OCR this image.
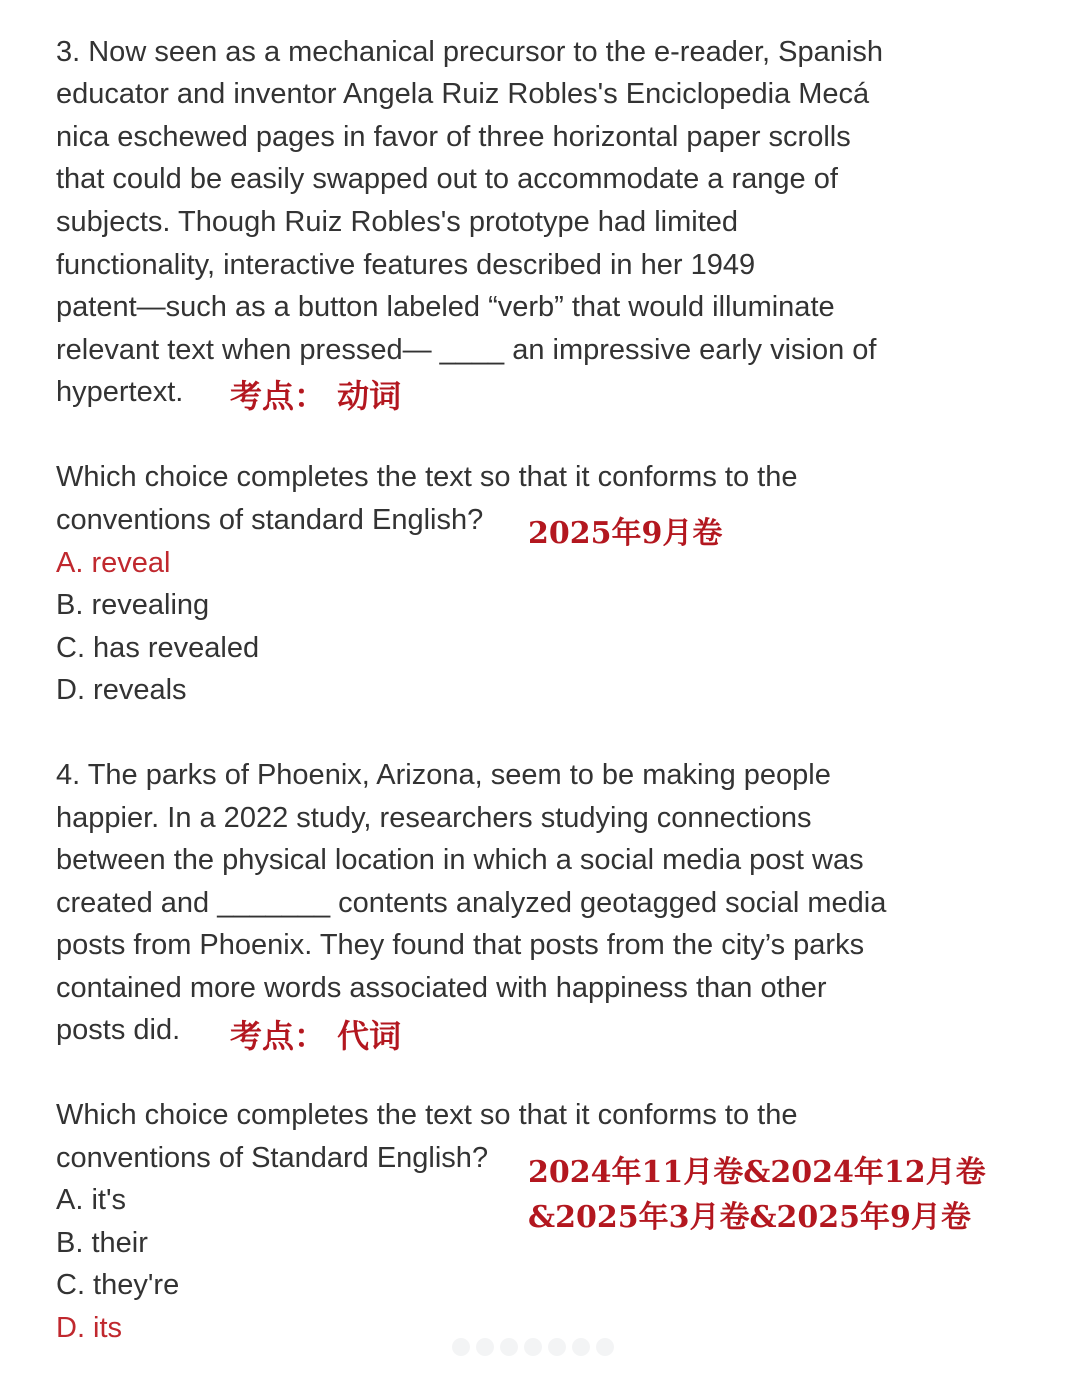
3. Now seen as a mechanical precursor to the e-reader, Spanish
educator and inventor Angela Ruiz Robles's Enciclopedia Mecá
nica eschewed pages in favor of three horizontal paper scrolls
that could be easily swapped out to accommodate a range of
subjects. Though Ruiz Robles's prototype had limited
functionality, interactive features described in her 1949
patent—such as a button labeled “verb” that would illuminate
relevant text when pressed— ____ an impressive early vision of
hypertext. 考点： 动词
Which choice completes the text so that it conforms to the
conventions of standard English? 2025年9月卷
A. reveal
B. revealing
C. has revealed
D. reveals
4. The parks of Phoenix, Arizona, seem to be making people
happier. In a 2022 study, researchers studying connections
between the physical location in which a social media post was
created and _______ contents analyzed geotagged social media
posts from Phoenix. They found that posts from the city’s parks
contained more words associated with happiness than other
posts did. 考点： 代词
Which choice completes the text so that it conforms to the
conventions of Standard English? 2024年11月卷&2024年12月卷
&2025年3月卷&2025年9月卷
A. it's
B. their
C. they're
D. its
